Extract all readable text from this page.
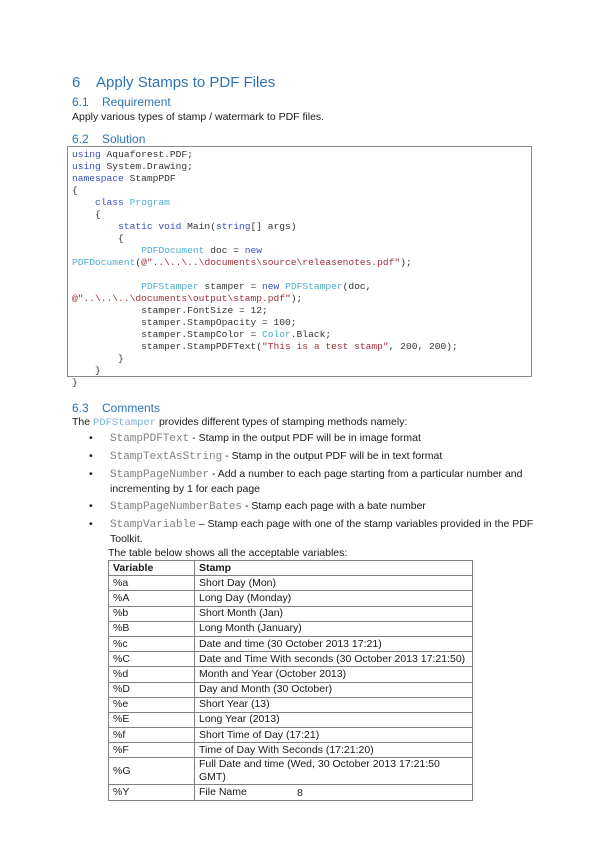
6 Apply Stamps to PDF Files
6.1 Requirement
Apply various types of stamp / watermark to PDF files.
6.2 Solution
using Aquaforest.PDF;
using System.Drawing;
namespace StampPDF
{
class Program
{
static void Main(string[] args)
{
PDFDocument doc = new
PDFDocument(@"..\..\..\documents\source\releasenotes.pdf");
PDFStamper stamper = new PDFStamper(doc,
@"..\..\..\documents\output\stamp.pdf");
stamper.FontSize = 12;
stamper.StampOpacity = 100;
stamper.StampColor = Color.Black;
stamper.StampPDFText("This is a test stamp", 200, 200);
}
}
}
6.3 Comments
The PDFStamper provides different types of stamping methods namely:
• StampPDFText - Stamp in the output PDF will be in image format
• StampTextAsString - Stamp in the output PDF will be in text format
• StampPageNumber - Add a number to each page starting from a particular number and incrementing by 1 for each page
• StampPageNumberBates - Stamp each page with a bate number
• StampVariable – Stamp each page with one of the stamp variables provided in the PDF Toolkit.
The table below shows all the acceptable variables:
Variable	Stamp
%a	Short Day (Mon)
%A	Long Day (Monday)
%b	Short Month (Jan)
%B	Long Month (January)
%c	Date and time (30 October 2013 17:21)
%C	Date and Time With seconds (30 October 2013 17:21:50)
%d	Month and Year (October 2013)
%D	Day and Month (30 October)
%e	Short Year (13)
%E	Long Year (2013)
%f	Short Time of Day (17:21)
%F	Time of Day With Seconds (17:21:20)
%G	Full Date and time (Wed, 30 October 2013 17:21:50 GMT)
%Y	File Name	8
